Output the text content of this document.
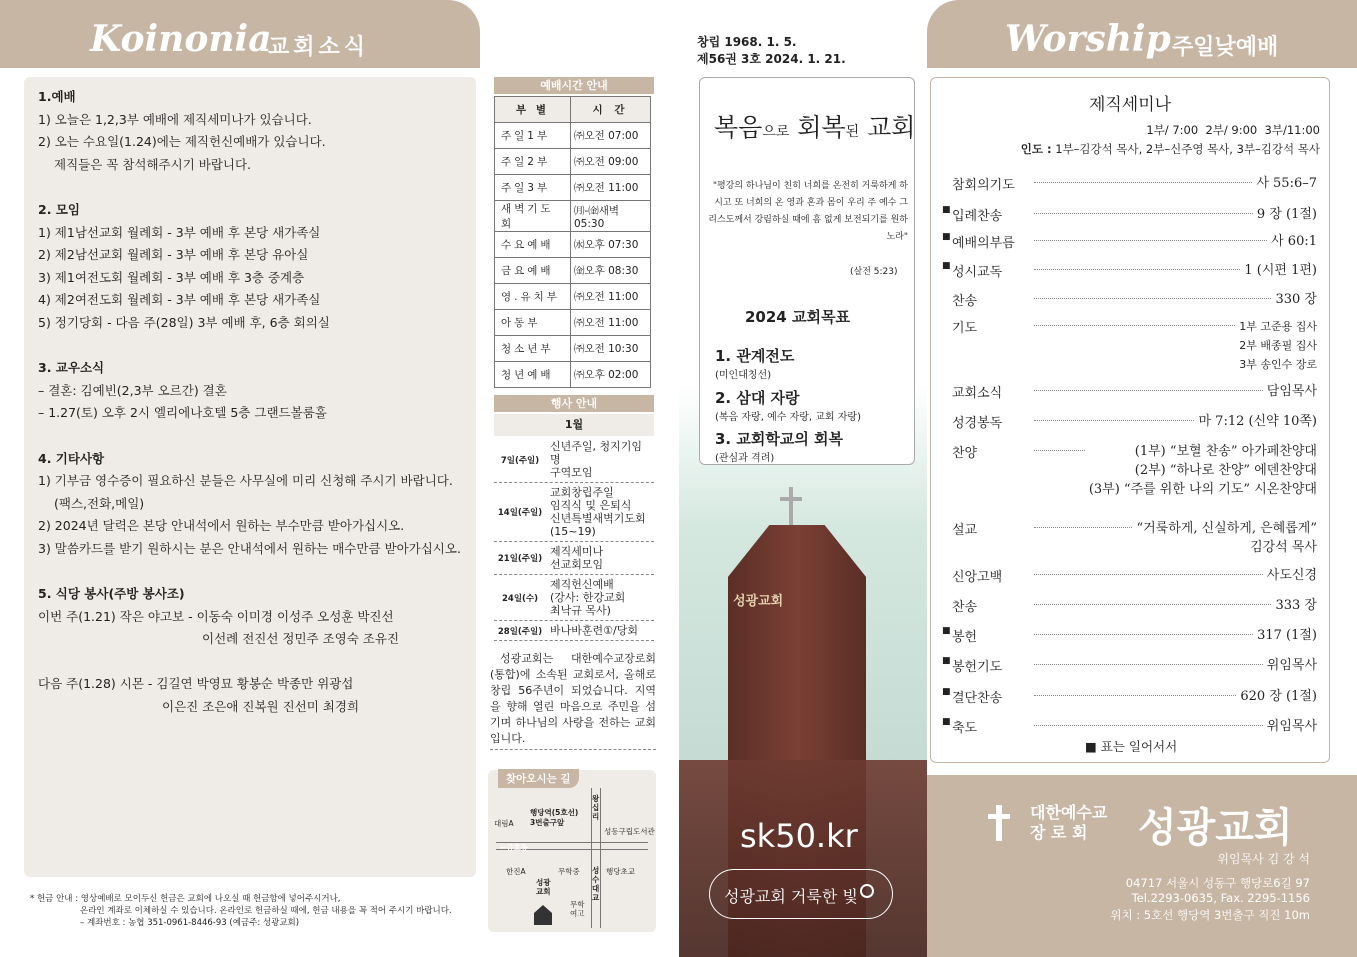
Koinonia
교회소식
1.예배
1) 오늘은 1,2,3부 예배에 제직세미나가 있습니다.
2) 오는 수요일(1.24)에는 제직헌신예배가 있습니다.
제직들은 꼭 참석해주시기 바랍니다.
2. 모임
1) 제1남선교회 월례회 - 3부 예배 후 본당 새가족실
2) 제2남선교회 월례회 - 3부 예배 후 본당 유아실
3) 제1여전도회 월례회 - 3부 예배 후 3층 중계층
4) 제2여전도회 월례회 - 3부 예배 후 본당 새가족실
5) 정기당회 - 다음 주(28일) 3부 예배 후, 6층 회의실
3. 교우소식
– 결혼: 김예빈(2,3부 오르간) 결혼
– 1.27(토) 오후 2시 엘리에나호텔 5층 그랜드볼룸홀
4. 기타사항
1) 기부금 영수증이 필요하신 분들은 사무실에 미리 신청해 주시기 바랍니다.
(팩스,전화,메일)
2) 2024년 달력은 본당 안내석에서 원하는 부수만큼 받아가십시오.
3) 말씀카드를 받기 원하시는 분은 안내석에서 원하는 매수만큼 받아가십시오.
5. 식당 봉사(주방 봉사조)
이번 주(1.21) 작은 야고보 - 이동숙 이미경 이성주 오성훈 박진선
이선례 전진선 정민주 조영숙 조유진
다음 주(1.28) 시몬 - 김길연 박영묘 황봉순 박종만 위광섭
이은진 조은애 진복원 진선미 최경희
* 헌금 안내 : 영상예배로 모이두신 헌금은 교회에 나오실 때 헌금함에 넣어주시거나,
온라인 계좌로 이체하실 수 있습니다. 온라인로 헌금하실 때에, 헌금 내용을 꼭 적어 주시기 바랍니다.
– 계좌번호 : 농협 351-0961-8446-93 (예금주: 성광교회)
예배시간 안내
부 별	시 간
주일1부	㈜오전 07:00
주일2부	㈜오전 09:00
주일3부	㈜오전 11:00
새벽기도회	㈪-㈮새벽 05:30
수요예배	㈬오후 07:30
금요예배	㈮오후 08:30
영.유치부	㈜오전 11:00
아동부	㈜오전 11:00
청소년부	㈜오전 10:30
청년예배	㈜오후 02:00
행사 안내
1월
7일(주일)
신년주일, 청지기임명
구역모임
14일(주일)
교회창립주일
임직식 및 은퇴식
신년특별새벽기도회
(15~19)
21일(주일)
제직세미나
선교회모임
24일(수)
제직헌신예배
(강사: 한강교회
최낙규 목사)
28일(주일) 바나바훈련①/당회
성광교회는 대한예수교장로회(통합)에 소속된 교회로서, 올해로 창립 56주년이 되었습니다. 지역을 향해 열린 마음으로 주민을 섬기며 하나님의 사랑을 전하는 교회입니다.
찾아오시는 길
대림A
행당역(5호선)
3번출구앞
왕
십
리
성동구립도서관
←금호동
한진A	무학중 성
수
대
교
행당초교
성광
교회
무학
여고
창립 1968. 1. 5.
제56권 3호 2024. 1. 21.
복음으로 회복된 교회
"평강의 하나님이 친히 너희를 온전히 거룩하게 하시고 또 너희의 온 영과 혼과 몸이 우리 주 예수 그리스도께서 강림하실 때에 흠 없게 보전되기를 원하노라"
(살전 5:23)
2024 교회목표
1. 관계전도
(미인대칭선)
2. 삼대 자랑
(복음 자랑, 예수 자랑, 교회 자랑)
3. 교회학교의 회복
(관심과 격려)
성광교회
sk50.kr
성광교회 거룩한 빛
Worship 주일낮예배
제직세미나
1부/ 7:00  2부/ 9:00  3부/11:00
인도 : 1부–김강석 목사, 2부–신주영 목사, 3부–김강석 목사
참회의기도	사 55:6–7
■ 입례찬송	9 장 (1절)
■ 예배의부름	사 60:1
■ 성시교독	1 (시편 1편)
찬송	330 장
기도	1부 고준용 집사
2부 배종필 집사
3부 송인수 장로
교회소식	담임목사
성경봉독	마 7:12 (신약 10쪽)
찬양	(1부) “보혈 찬송” 아가페찬양대
(2부) “하나로 찬양” 에덴찬양대
(3부) “주를 위한 나의 기도” 시온찬양대
설교	“거룩하게, 신실하게, 은혜롭게”
김강석 목사
신앙고백	사도신경
찬송	333 장
■ 봉헌	317 (1절)
■ 봉헌기도	위임목사
■ 결단찬송	620 장 (1절)
■ 축도	위임목사
■ 표는 일어서서
대한예수교
장 로 회 성광교회
위임목사 김 강 석
04717 서울시 성동구 행당로6길 97
Tel.2293-0635, Fax. 2295-1156
위치 : 5호선 행당역 3번출구 직진 10m
